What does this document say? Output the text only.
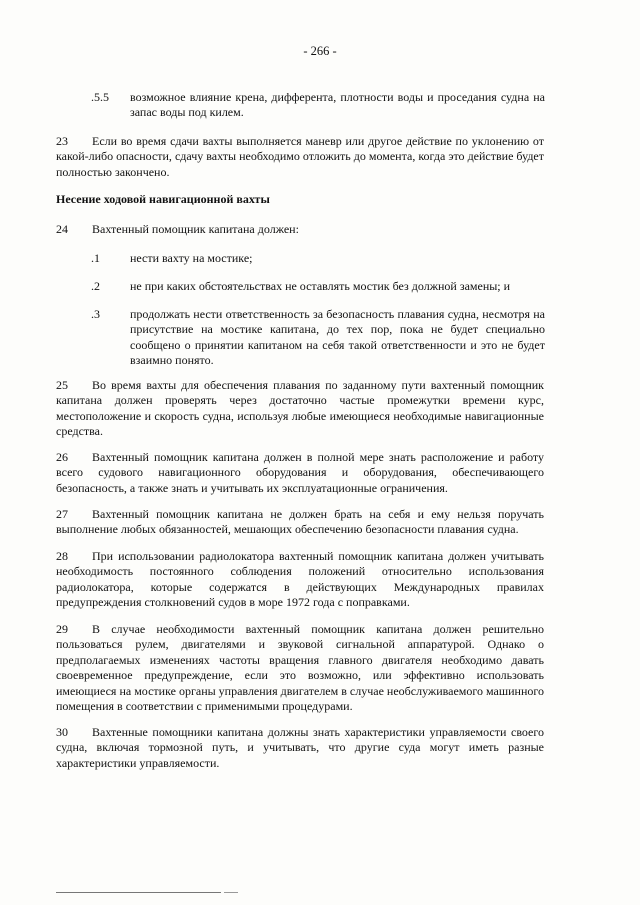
- 266 -
.5.5 возможное влияние крена, дифферента, плотности воды и проседания судна на запас воды под килем.
23 Если во время сдачи вахты выполняется маневр или другое действие по уклонению от какой-либо опасности, сдачу вахты необходимо отложить до момента, когда это действие будет полностью закончено.
Несение ходовой навигационной вахты
24 Вахтенный помощник капитана должен:
.1	нести вахту на мостике;
.2	не при каких обстоятельствах не оставлять мостик без должной замены; и
.3	продолжать нести ответственность за безопасность плавания судна, несмотря на присутствие на мостике капитана, до тех пор, пока не будет специально сообщено о принятии капитаном на себя такой ответственности и это не будет взаимно понято.
25 Во время вахты для обеспечения плавания по заданному пути вахтенный помощник капитана должен проверять через достаточно частые промежутки времени курс, местоположение и скорость судна, используя любые имеющиеся необходимые навигационные средства.
26 Вахтенный помощник капитана должен в полной мере знать расположение и работу всего судового навигационного оборудования и оборудования, обеспечивающего безопасность, а также знать и учитывать их эксплуатационные ограничения.
27 Вахтенный помощник капитана не должен брать на себя и ему нельзя поручать выполнение любых обязанностей, мешающих обеспечению безопасности плавания судна.
28 При использовании радиолокатора вахтенный помощник капитана должен учитывать необходимость постоянного соблюдения положений относительно использования радиолокатора, которые содержатся в действующих Международных правилах предупреждения столкновений судов в море 1972 года с поправками.
29 В случае необходимости вахтенный помощник капитана должен решительно пользоваться рулем, двигателями и звуковой сигнальной аппаратурой. Однако о предполагаемых изменениях частоты вращения главного двигателя необходимо давать своевременное предупреждение, если это возможно, или эффективно использовать имеющиеся на мостике органы управления двигателем в случае необслуживаемого машинного помещения в соответствии с применимыми процедурами.
30 Вахтенные помощники капитана должны знать характеристики управляемости своего судна, включая тормозной путь, и учитывать, что другие суда могут иметь разные характеристики управляемости.
